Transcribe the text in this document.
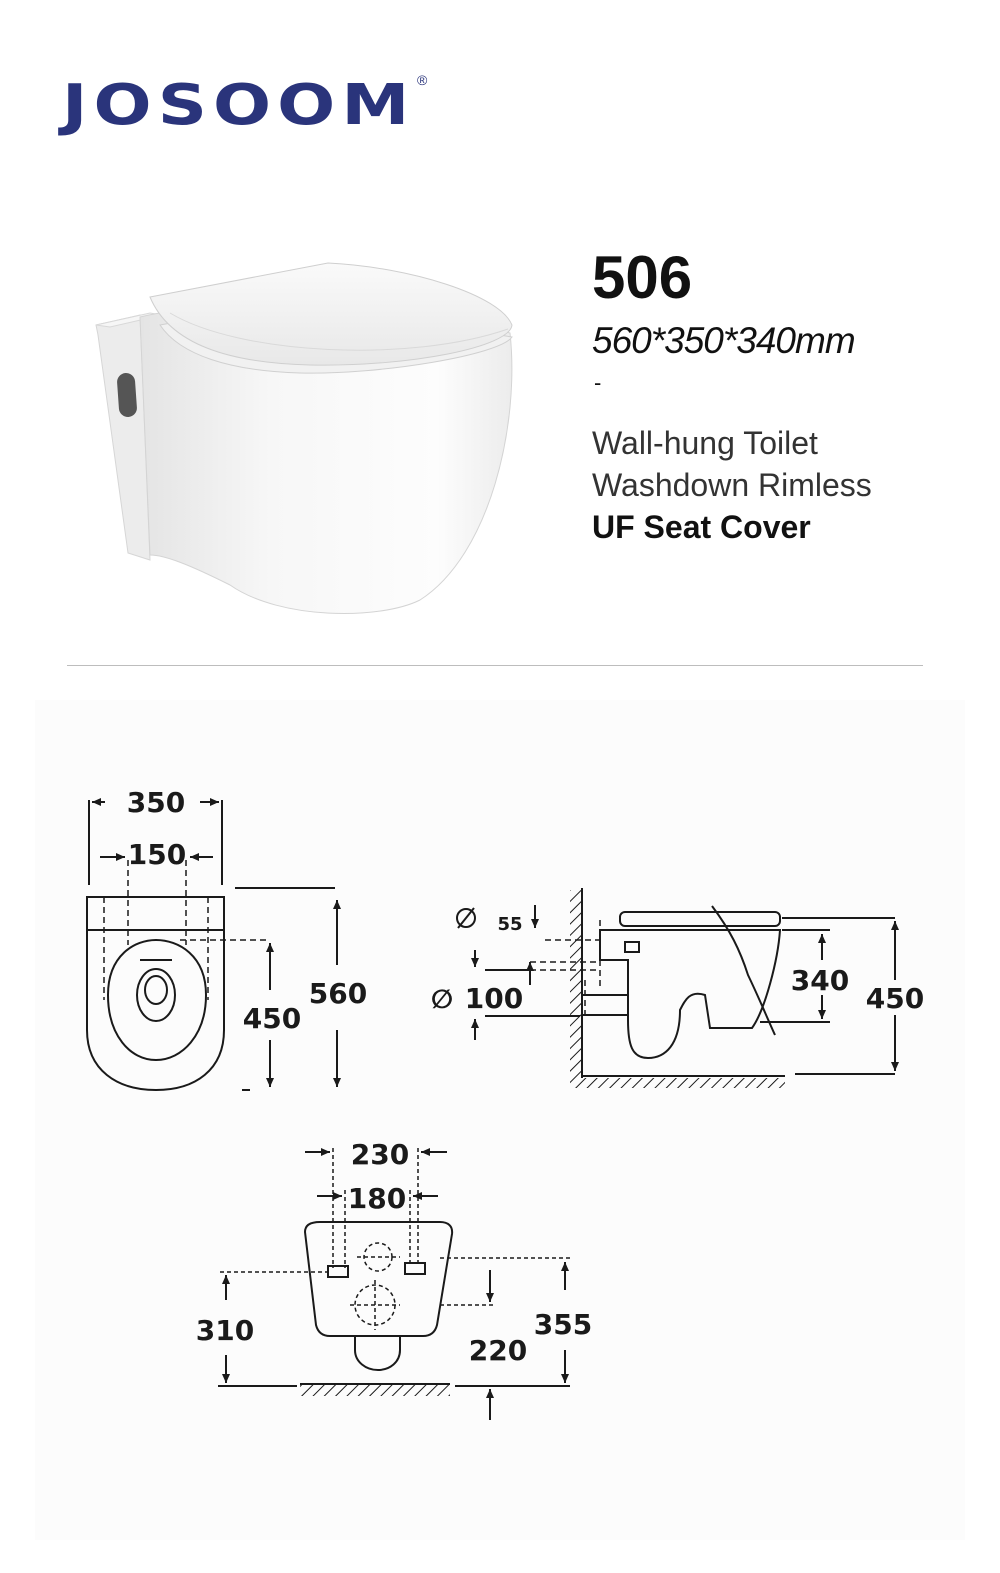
JOSOOM ®
506
560*350*340mm
-
Wall-hung Toilet
Washdown Rimless
UF Seat Cover
350
150
450
560
55
∅ 100
340
450
230
180
310
220
355
